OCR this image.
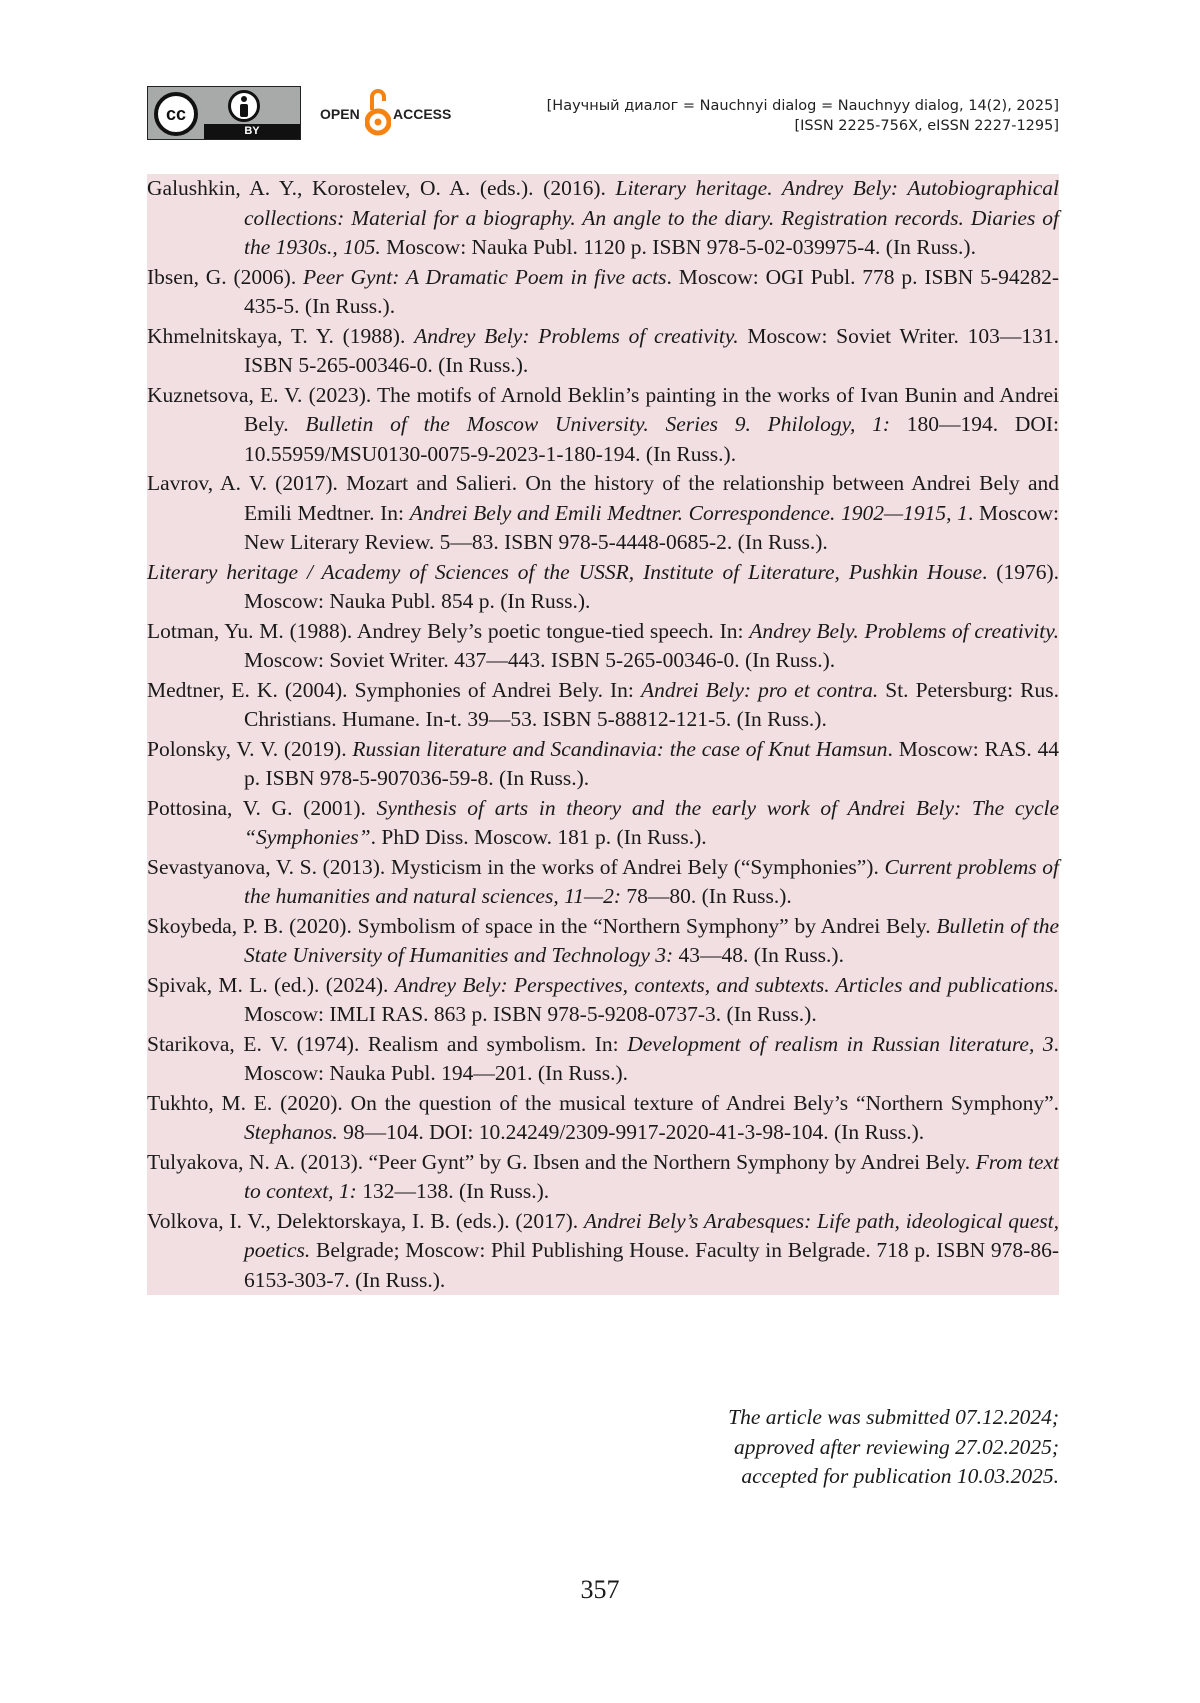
cc
BY
OPEN ACCESS	[Научный диалог = Nauchnyi dialog = Nauchnyy dialog, 14(2), 2025]
[ISSN 2225-756X, eISSN 2227-1295]
Galushkin, A. Y., Korostelev, O. A. (eds.). (2016). Literary heritage. Andrey Bely: Autobiographical collections: Material for a biography. An angle to the diary. Registration records. Diaries of the 1930s., 105. Moscow: Nauka Publ. 1120 p. ISBN 978-5-02-039975-4. (In Russ.).
Ibsen, G. (2006). Peer Gynt: A Dramatic Poem in five acts. Moscow: OGI Publ. 778 p. ISBN 5-94282-435-5. (In Russ.).
Khmelnitskaya, T. Y. (1988). Andrey Bely: Problems of creativity. Moscow: Soviet Writer. 103—131. ISBN 5-265-00346-0. (In Russ.).
Kuznetsova, E. V. (2023). The motifs of Arnold Beklin’s painting in the works of Ivan Bunin and Andrei Bely. Bulletin of the Moscow University. Series 9. Philology, 1: 180—194. DOI: 10.55959/MSU0130-0075-9-2023-1-180-194. (In Russ.).
Lavrov, A. V. (2017). Mozart and Salieri. On the history of the relationship between Andrei Bely and Emili Medtner. In: Andrei Bely and Emili Medtner. Correspondence. 1902—1915, 1. Moscow: New Literary Review. 5—83. ISBN 978-5-4448-0685-2. (In Russ.).
Literary heritage / Academy of Sciences of the USSR, Institute of Literature, Pushkin House. (1976). Moscow: Nauka Publ. 854 p. (In Russ.).
Lotman, Yu. M. (1988). Andrey Bely’s poetic tongue-tied speech. In: Andrey Bely. Problems of creativity. Moscow: Soviet Writer. 437—443. ISBN 5-265-00346-0. (In Russ.).
Medtner, E. K. (2004). Symphonies of Andrei Bely. In: Andrei Bely: pro et contra. St. Petersburg: Rus. Christians. Humane. In-t. 39—53. ISBN 5-88812-121-5. (In Russ.).
Polonsky, V. V. (2019). Russian literature and Scandinavia: the case of Knut Hamsun. Moscow: RAS. 44 p. ISBN 978-5-907036-59-8. (In Russ.).
Pottosina, V. G. (2001). Synthesis of arts in theory and the early work of Andrei Bely: The cycle “Symphonies”. PhD Diss. Moscow. 181 p. (In Russ.).
Sevastyanova, V. S. (2013). Mysticism in the works of Andrei Bely (“Symphonies”). Current problems of the humanities and natural sciences, 11—2: 78—80. (In Russ.).
Skoybeda, P. B. (2020). Symbolism of space in the “Northern Symphony” by Andrei Bely. Bulletin of the State University of Humanities and Technology 3: 43—48. (In Russ.).
Spivak, M. L. (ed.). (2024). Andrey Bely: Perspectives, contexts, and subtexts. Articles and publications. Moscow: IMLI RAS. 863 p. ISBN 978-5-9208-0737-3. (In Russ.).
Starikova, E. V. (1974). Realism and symbolism. In: Development of realism in Russian literature, 3. Moscow: Nauka Publ. 194—201. (In Russ.).
Tukhto, M. E. (2020). On the question of the musical texture of Andrei Bely’s “Northern Symphony”. Stephanos. 98—104. DOI: 10.24249/2309-9917-2020-41-3-98-104. (In Russ.).
Tulyakova, N. A. (2013). “Peer Gynt” by G. Ibsen and the Northern Symphony by Andrei Bely. From text to context, 1: 132—138. (In Russ.).
Volkova, I. V., Delektorskaya, I. B. (eds.). (2017). Andrei Bely’s Arabesques: Life path, ideological quest, poetics. Belgrade; Moscow: Phil Publishing House. Faculty in Belgrade. 718 p. ISBN 978-86-6153-303-7. (In Russ.).
The article was submitted 07.12.2024;
approved after reviewing 27.02.2025;
accepted for publication 10.03.2025.
357
